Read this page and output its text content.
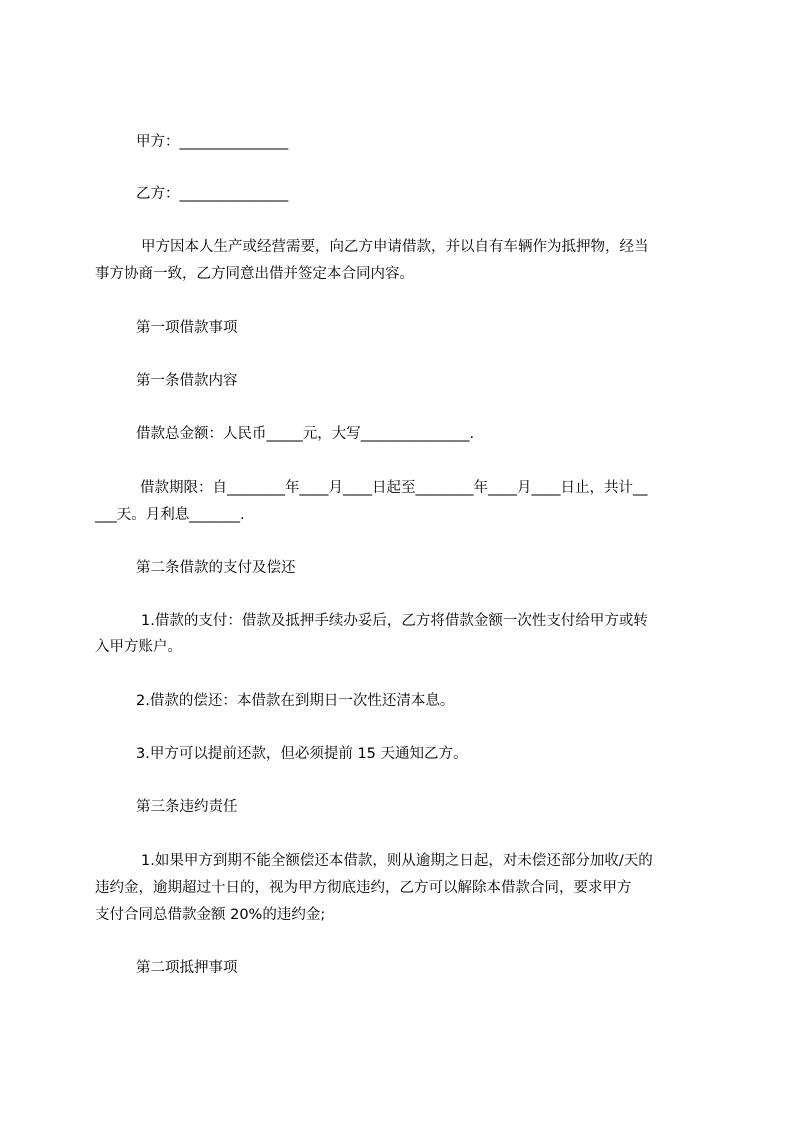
甲方：_______________

乙方：_______________

甲方因本人生产或经营需要，向乙方申请借款，并以自有车辆作为抵押物，经当

事方协商一致，乙方同意出借并签定本合同内容。

第一项借款事项

第一条借款内容

借款总金额：人民币_____元，大写_______________.

借款期限：自________年____月____日起至________年____月____日止，共计__

___天。月利息_______.

第二条借款的支付及偿还

1.借款的支付：借款及抵押手续办妥后，乙方将借款金额一次性支付给甲方或转

入甲方账户。

2.借款的偿还：本借款在到期日一次性还清本息。

3.甲方可以提前还款，但必须提前 15 天通知乙方。

第三条违约责任

1.如果甲方到期不能全额偿还本借款，则从逾期之日起，对未偿还部分加收/天的

违约金，逾期超过十日的，视为甲方彻底违约，乙方可以解除本借款合同，要求甲方

支付合同总借款金额 20%的违约金;

第二项抵押事项
